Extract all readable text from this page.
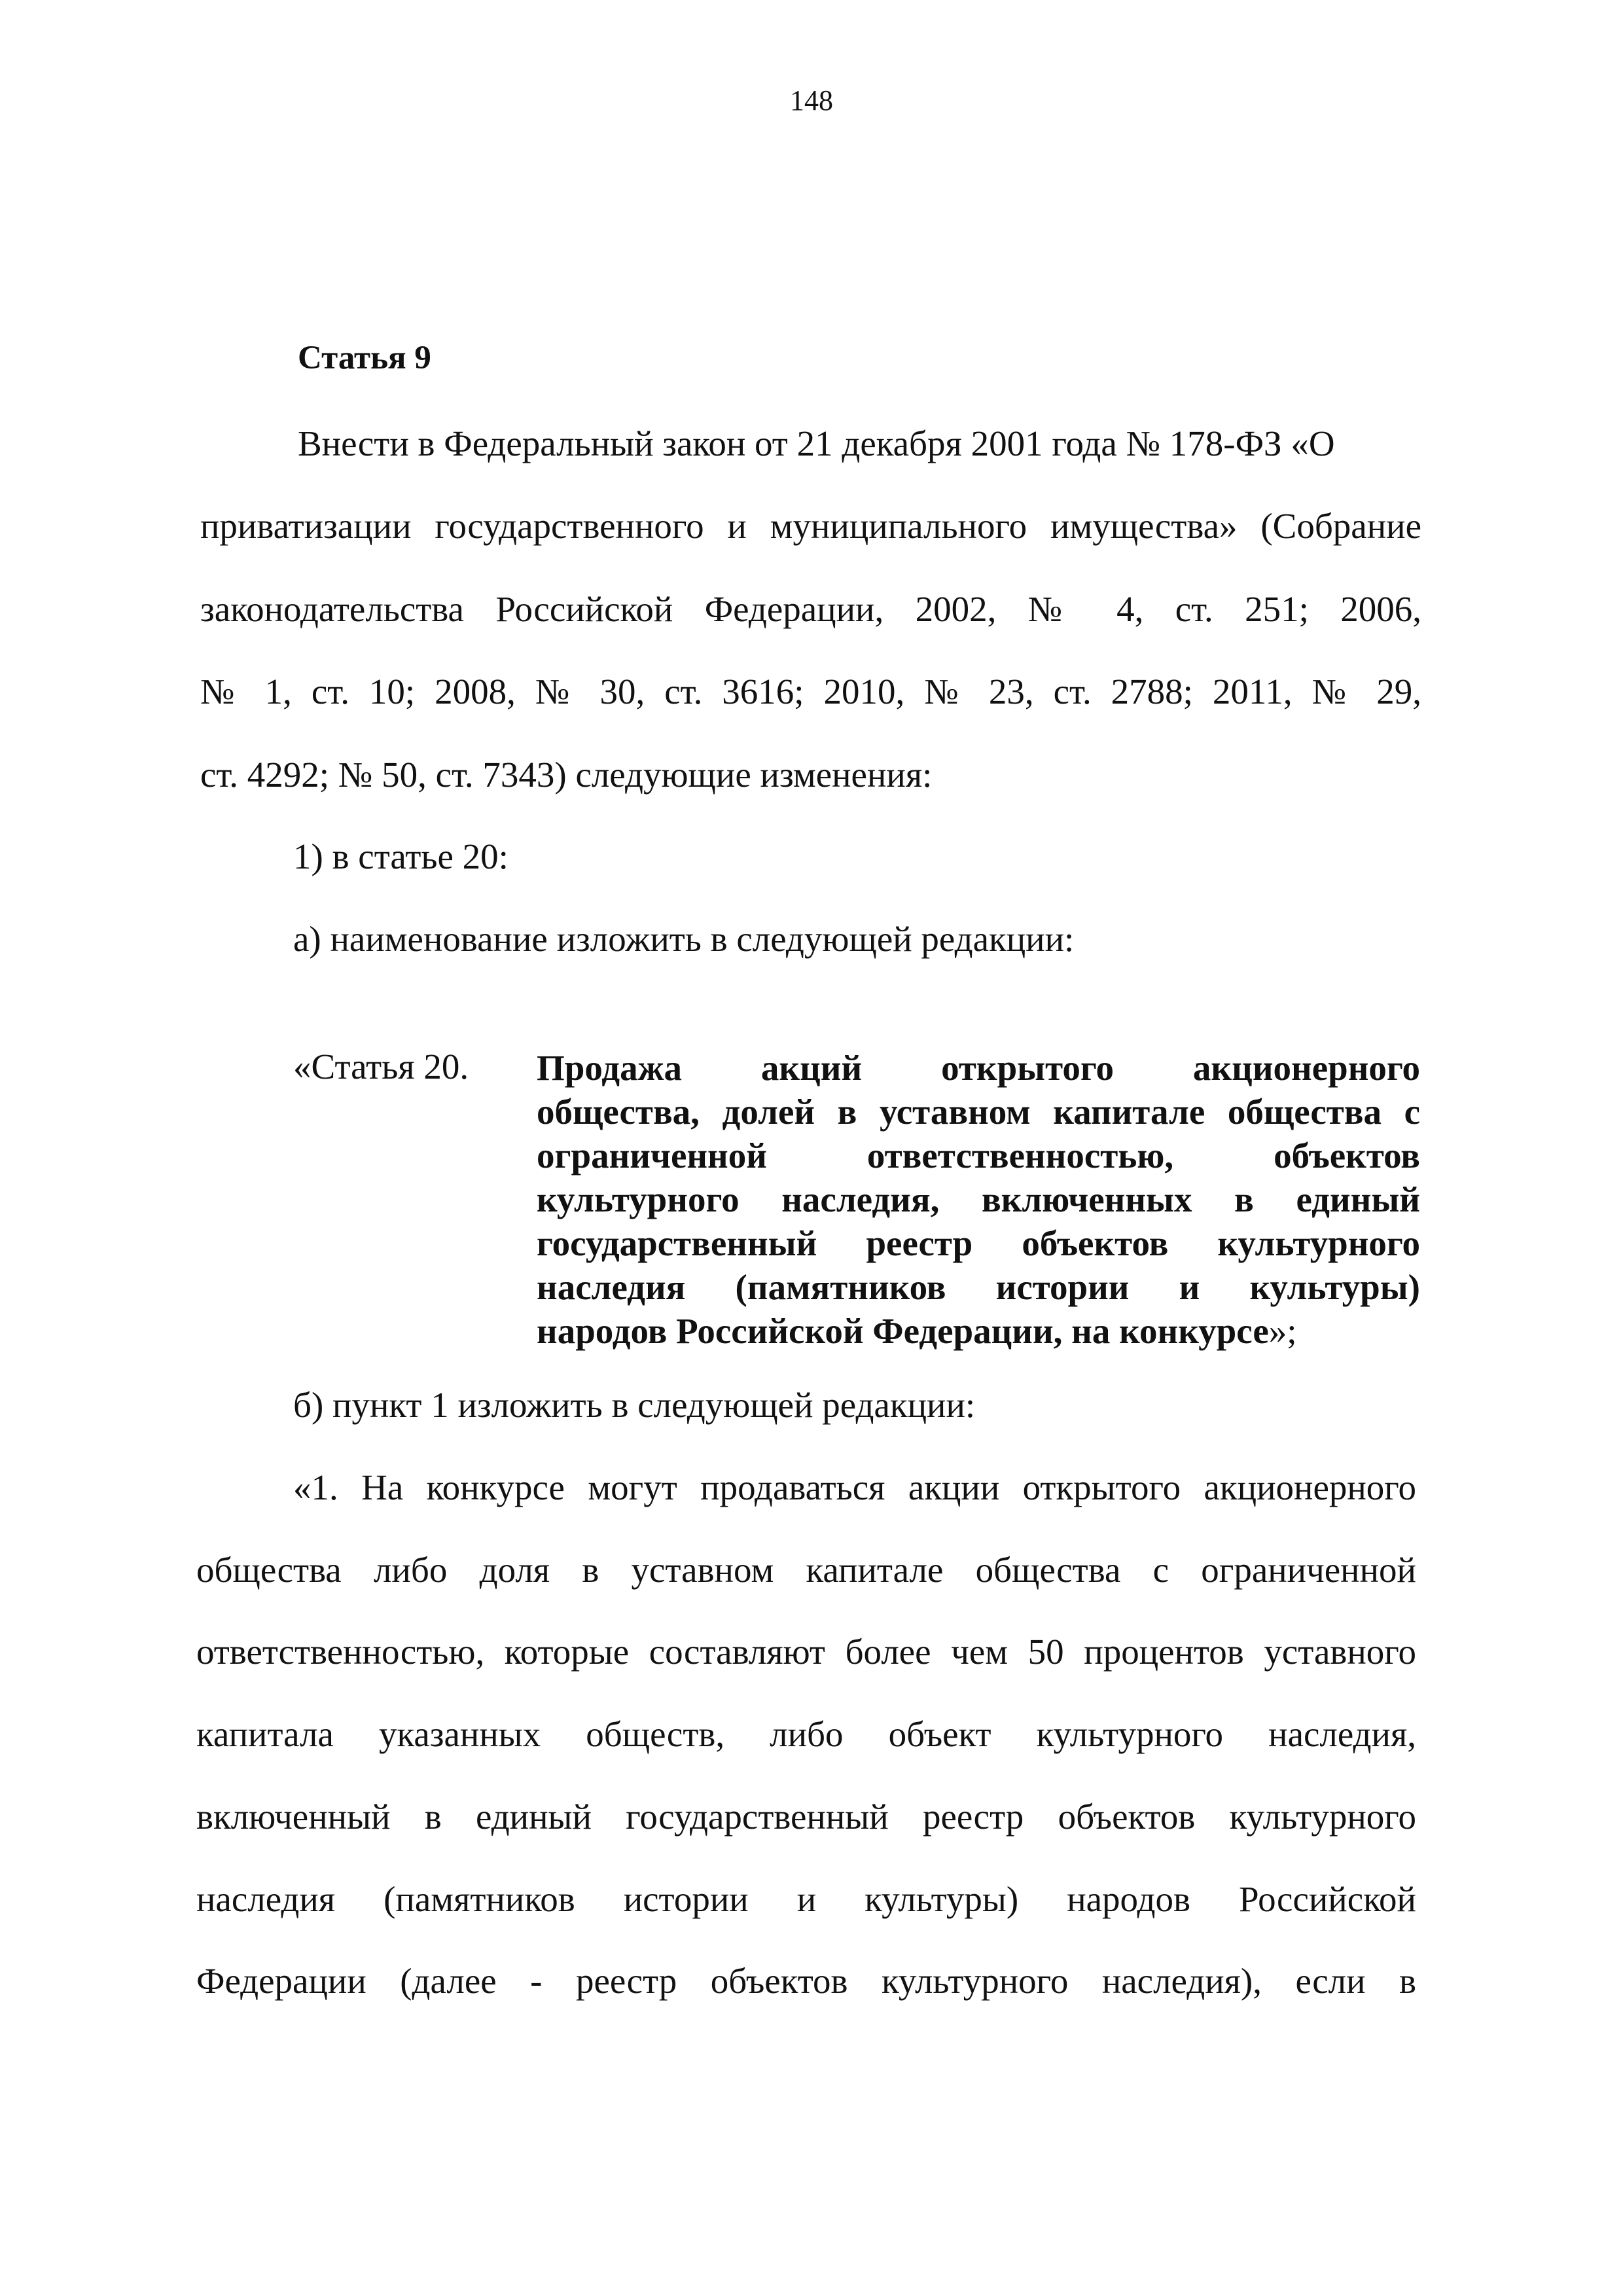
148
Статья 9
Внести в Федеральный закон от 21 декабря 2001 года № 178-ФЗ «О
приватизации государственного и муниципального имущества» (Собрание
законодательства Российской Федерации, 2002, № 4, ст. 251; 2006,
№ 1, ст. 10; 2008, № 30, ст. 3616; 2010, № 23, ст. 2788; 2011, № 29,
ст. 4292; № 50, ст. 7343) следующие изменения:
1) в статье 20:
а) наименование изложить в следующей редакции:
«Статья 20. Продажа акций открытого акционерного
общества, долей в уставном капитале общества с
ограниченной ответственностью, объектов
культурного наследия, включенных в единый
государственный реестр объектов культурного
наследия (памятников истории и культуры)
народов Российской Федерации, на конкурсе»;
б) пункт 1 изложить в следующей редакции:
«1. На конкурсе могут продаваться акции открытого акционерного
общества либо доля в уставном капитале общества с ограниченной
ответственностью, которые составляют более чем 50 процентов уставного
капитала указанных обществ, либо объект культурного наследия,
включенный в единый государственный реестр объектов культурного
наследия (памятников истории и культуры) народов Российской
Федерации (далее - реестр объектов культурного наследия), если в
